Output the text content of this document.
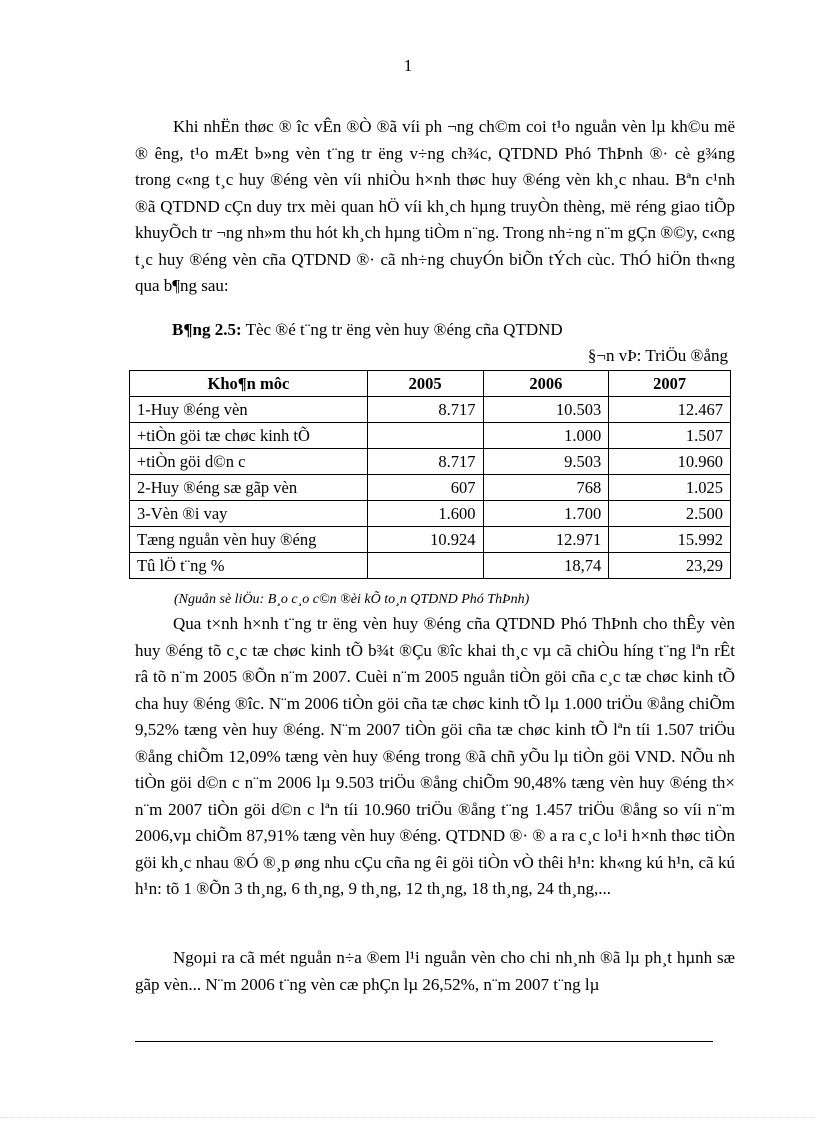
1

Khi nhËn thøc ® îc vÊn ®Ò ®ã víi ph ¬ng ch©m coi t¹o nguån vèn lµ kh©u më ® êng, t¹o mÆt b»ng vèn t¨ng tr ëng v÷ng ch¾c, QTDND Phó ThÞnh ®· cè g¾ng trong c«ng t¸c huy ®éng vèn víi nhiÒu h×nh thøc huy ®éng vèn kh¸c nhau. Bªn c¹nh ®ã QTDND cÇn duy trx mèi quan hÖ víi kh¸ch hµng truyÒn thèng, më réng giao tiÕp khuyÕch tr ¬ng nh»m thu hót kh¸ch hµng tiÒm n¨ng. Trong nh÷ng n¨m gÇn ®©y, c«ng t¸c huy ®éng vèn cña QTDND ®· cã nh÷ng chuyÓn biÕn tÝch cùc. ThÓ hiÖn th«ng qua b¶ng sau:

B¶ng 2.5: Tèc ®é t¨ng tr ëng vèn huy ®éng cña QTDND
§¬n vÞ: TriÖu ®ång
Kho¶n môc	2005	2006	2007
1-Huy ®éng vèn	8.717	10.503	12.467
+tiÒn göi tæ chøc kinh tÕ		1.000	1.507
+tiÒn göi d©n c	8.717	9.503	10.960
2-Huy ®éng sæ gãp vèn	607	768	1.025
3-Vèn ®i vay	1.600	1.700	2.500
Tæng nguån vèn huy ®éng	10.924	12.971	15.992
Tû lÖ t¨ng %		18,74	23,29
(Nguån sè liÖu: B¸o c¸o c©n ®èi kÕ to¸n QTDND Phó ThÞnh)

Qua t×nh h×nh t¨ng tr ëng vèn huy ®éng cña QTDND Phó ThÞnh cho thÊy vèn huy ®éng tõ c¸c tæ chøc kinh tÕ b¾t ®Çu ®îc khai th¸c vµ cã chiÒu híng t¨ng lªn rÊt râ tõ n¨m 2005 ®Õn n¨m 2007. Cuèi n¨m 2005 nguån tiÒn göi cña c¸c tæ chøc kinh tÕ cha huy ®éng ®îc. N¨m 2006 tiÒn göi cña tæ chøc kinh tÕ lµ 1.000 triÖu ®ång chiÕm 9,52% tæng vèn huy ®éng. N¨m 2007 tiÒn göi cña tæ chøc kinh tÕ lªn tíi 1.507 triÖu ®ång chiÕm 12,09% tæng vèn huy ®éng trong ®ã chñ yÕu lµ tiÒn göi VND. NÕu nh tiÒn göi d©n c n¨m 2006 lµ 9.503 triÖu ®ång chiÕm 90,48% tæng vèn huy ®éng th× n¨m 2007 tiÒn göi d©n c lªn tíi 10.960 triÖu ®ång t¨ng 1.457 triÖu ®ång so víi n¨m 2006,vµ chiÕm 87,91% tæng vèn huy ®éng. QTDND ®· ® a ra c¸c lo¹i h×nh thøc tiÒn göi kh¸c nhau ®Ó ®¸p øng nhu cÇu cña ng êi göi tiÒn vÒ thêi h¹n: kh«ng kú h¹n, cã kú h¹n: tõ 1 ®Õn 3 th¸ng, 6 th¸ng, 9 th¸ng, 12 th¸ng, 18 th¸ng, 24 th¸ng,...

Ngoµi ra cã mét nguån n÷a ®em l¹i nguån vèn cho chi nh¸nh ®ã lµ ph¸t hµnh sæ gãp vèn... N¨m 2006 t¨ng vèn cæ phÇn lµ 26,52%, n¨m 2007 t¨ng lµ
